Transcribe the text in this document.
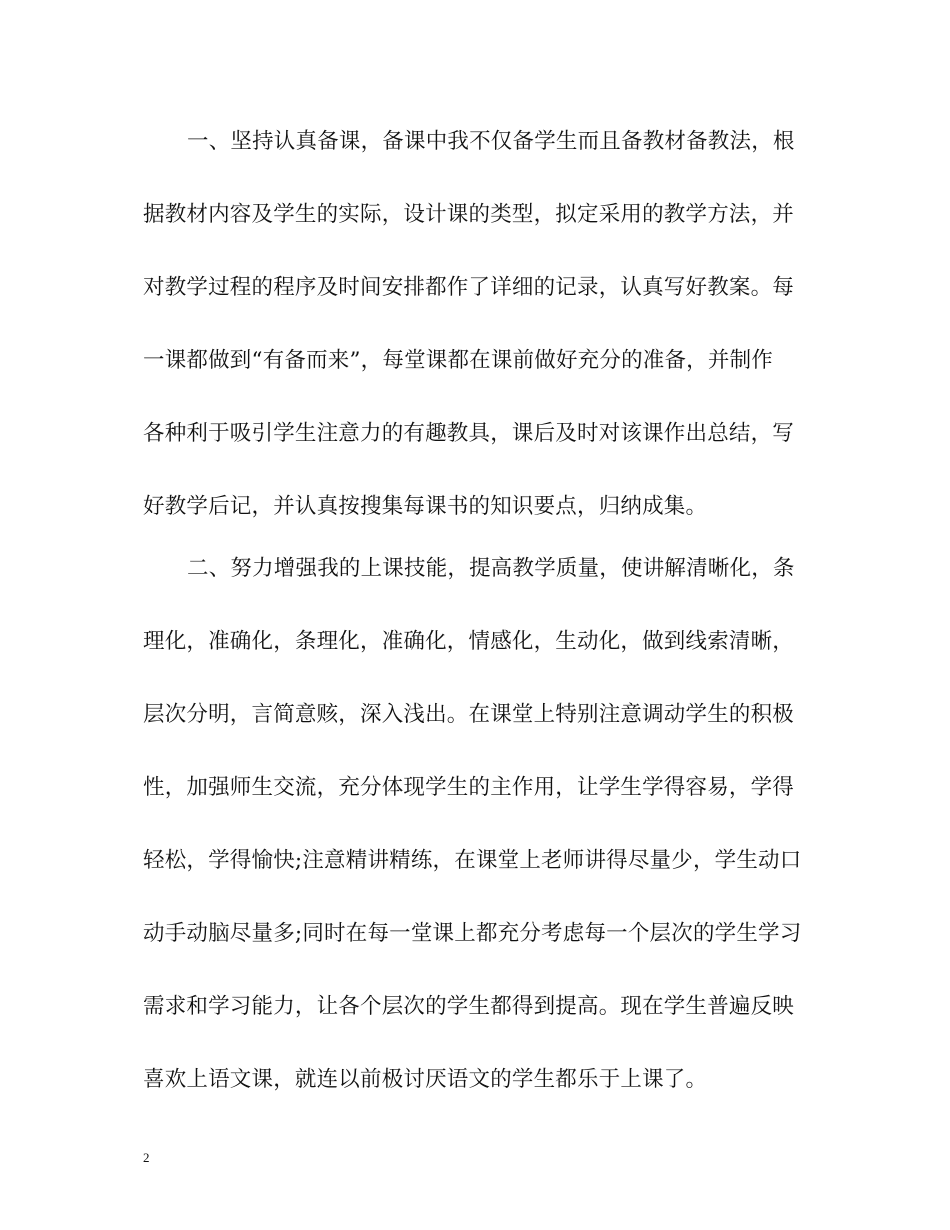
一、坚持认真备课，备课中我不仅备学生而且备教材备教法，根
据教材内容及学生的实际，设计课的类型，拟定采用的教学方法，并
对教学过程的程序及时间安排都作了详细的记录，认真写好教案。每
一课都做到“有备而来”，每堂课都在课前做好充分的准备，并制作
各种利于吸引学生注意力的有趣教具，课后及时对该课作出总结，写
好教学后记，并认真按搜集每课书的知识要点，归纳成集。
二、努力增强我的上课技能，提高教学质量，使讲解清晰化，条
理化，准确化，条理化，准确化，情感化，生动化，做到线索清晰，
层次分明，言简意赅，深入浅出。在课堂上特别注意调动学生的积极
性，加强师生交流，充分体现学生的主作用，让学生学得容易，学得
轻松，学得愉快;注意精讲精练，在课堂上老师讲得尽量少，学生动口
动手动脑尽量多;同时在每一堂课上都充分考虑每一个层次的学生学习
需求和学习能力，让各个层次的学生都得到提高。现在学生普遍反映
喜欢上语文课，就连以前极讨厌语文的学生都乐于上课了。
2
